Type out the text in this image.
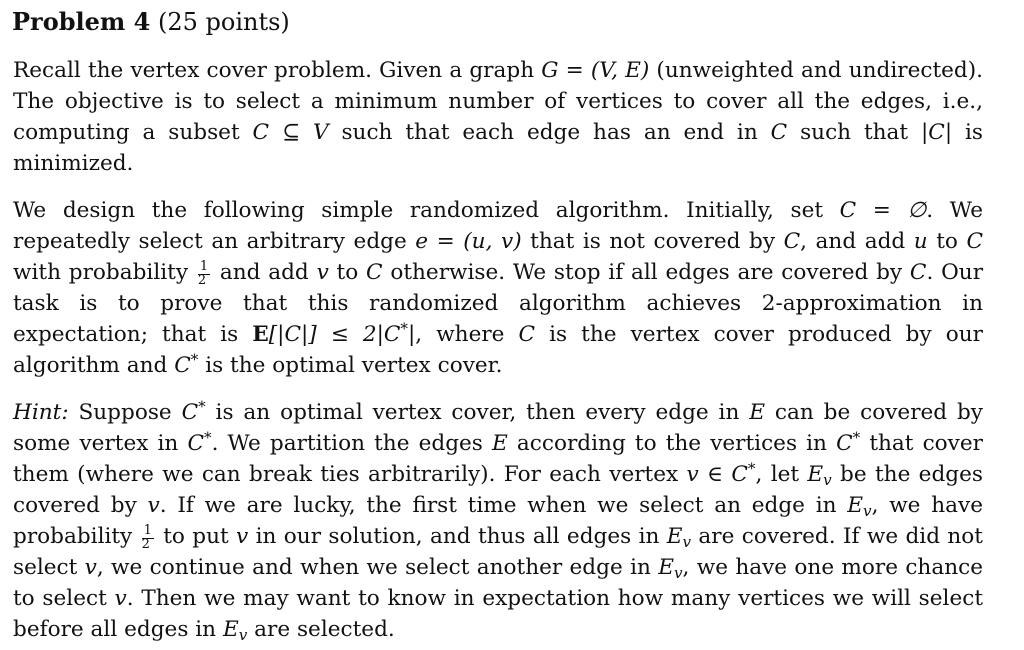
Problem 4 (25 points)
Recall the vertex cover problem. Given a graph G = (V, E) (unweighted and undirected). The objective is to select a minimum number of vertices to cover all the edges, i.e., computing a subset C ⊆ V such that each edge has an end in C such that |C| is minimized.
We design the following simple randomized algorithm. Initially, set C = ∅. We repeatedly select an arbitrary edge e = (u, v) that is not covered by C, and add u to C with probability $\frac{1}{2}$ and add v to C otherwise. We stop if all edges are covered by C. Our task is to prove that this randomized algorithm achieves 2-approximation in expectation; that is E[|C|] ≤ 2|C*|, where C is the vertex cover produced by our algorithm and C* is the optimal vertex cover.
Hint: Suppose C* is an optimal vertex cover, then every edge in E can be covered by some vertex in C*. We partition the edges E according to the vertices in C* that cover them (where we can break ties arbitrarily). For each vertex v ∈ C*, let $E_v$ be the edges covered by v. If we are lucky, the first time when we select an edge in $E_v$, we have probability $\frac{1}{2}$ to put v in our solution, and thus all edges in $E_v$ are covered. If we did not select v, we continue and when we select another edge in $E_v$, we have one more chance to select v. Then we may want to know in expectation how many vertices we will select before all edges in $E_v$ are selected.
